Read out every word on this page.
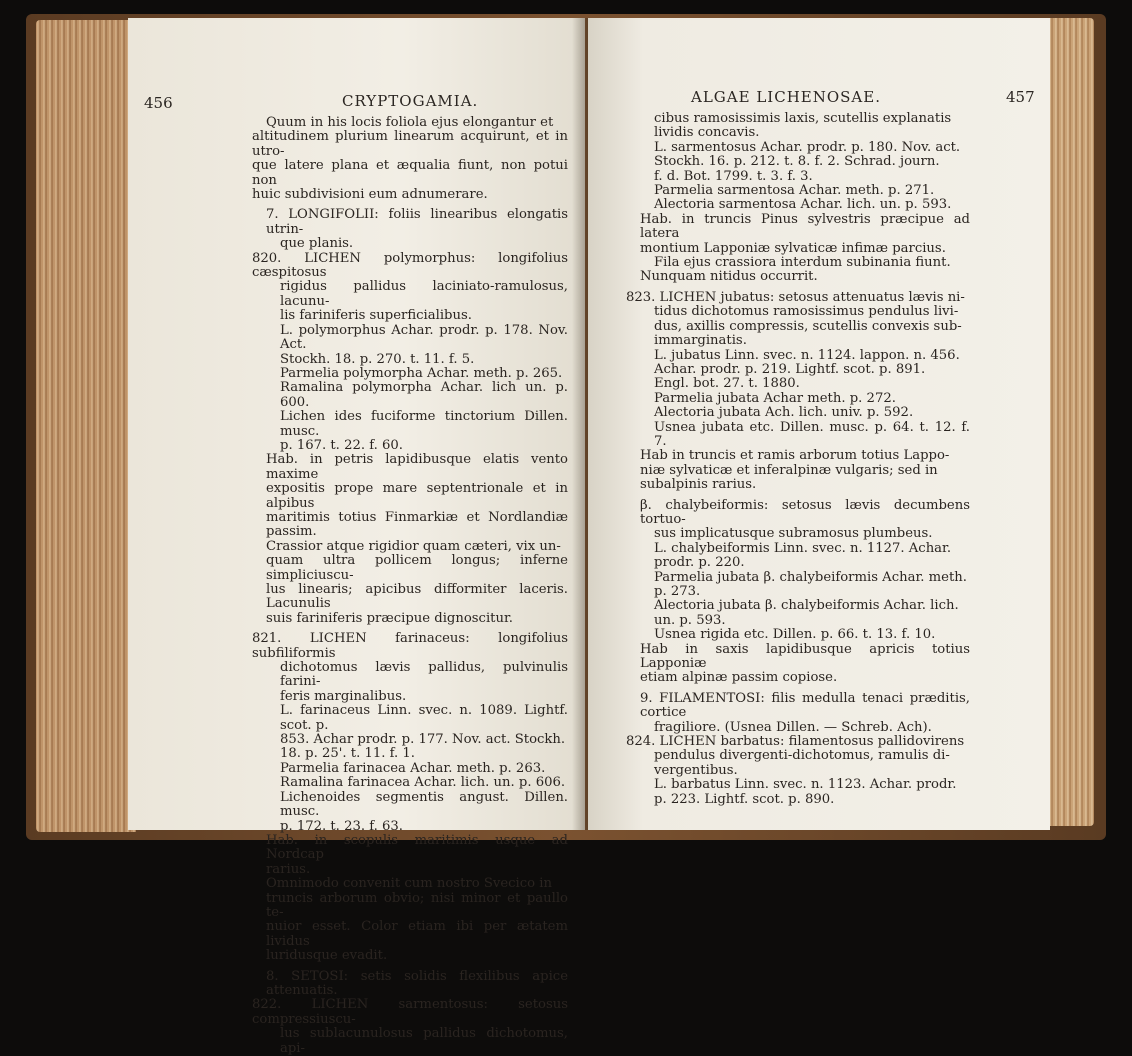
456	CRYPTOGAMIA.

Quum in his locis foliola ejus elongantur et

altitudinem plurium linearum acquirunt, et in utro-

que latere plana et æqualia fiunt, non potui non

huic subdivisioni eum adnumerare.

7. LONGIFOLII: foliis linearibus elongatis utrin-

que planis.

820. LICHEN polymorphus: longifolius cæspitosus

rigidus pallidus laciniato-ramulosus, lacunu-

lis fariniferis superficialibus.

L. polymorphus Achar. prodr. p. 178. Nov. Act.

Stockh. 18. p. 270. t. 11. f. 5.

Parmelia polymorpha Achar. meth. p. 265.

Ramalina polymorpha Achar. lich un. p. 600.

Lichen ides fuciforme tinctorium Dillen. musc.

p. 167. t. 22. f. 60.

Hab. in petris lapidibusque elatis vento maxime

expositis prope mare septentrionale et in alpibus

maritimis totius Finmarkiæ et Nordlandiæ passim.

Crassior atque rigidior quam cæteri, vix un-

quam ultra pollicem longus; inferne simpliciuscu-

lus linearis; apicibus difformiter laceris. Lacunulis

suis fariniferis præcipue dignoscitur.

821. LICHEN farinaceus: longifolius subfiliformis

dichotomus lævis pallidus, pulvinulis farini-

feris marginalibus.

L. farinaceus Linn. svec. n. 1089. Lightf. scot. p.

853. Achar prodr. p. 177. Nov. act. Stockh.

18. p. 25'. t. 11. f. 1.

Parmelia farinacea Achar. meth. p. 263.

Ramalina farinacea Achar. lich. un. p. 606.

Lichenoides segmentis angust. Dillen. musc.

p. 172. t. 23. f. 63.

Hab. in scopulis maritimis usque ad Nordcap

rarius.

Omnimodo convenit cum nostro Svecico in

truncis arborum obvio; nisi minor et paullo te-

nuior esset. Color etiam ibi per ætatem lividus

luridusque evadit.

8. SETOSI: setis solidis flexilibus apice attenuatis.

822. LICHEN sarmentosus: setosus compressiuscu-

lus sublacunulosus pallidus dichotomus, api-

ALGAE LICHENOSAE.	457

cibus ramosissimis laxis, scutellis explanatis

lividis concavis.

L. sarmentosus Achar. prodr. p. 180. Nov. act.

Stockh. 16. p. 212. t. 8. f. 2. Schrad. journ.

f. d. Bot. 1799. t. 3. f. 3.

Parmelia sarmentosa Achar. meth. p. 271.

Alectoria sarmentosa Achar. lich. un. p. 593.

Hab. in truncis Pinus sylvestris præcipue ad latera

montium Lapponiæ sylvaticæ infimæ parcius.

Fila ejus crassiora interdum subinania fiunt.

Nunquam nitidus occurrit.

823. LICHEN jubatus: setosus attenuatus lævis ni-

tidus dichotomus ramosissimus pendulus livi-

dus, axillis compressis, scutellis convexis sub-

immarginatis.

L. jubatus Linn. svec. n. 1124. lappon. n. 456.

Achar. prodr. p. 219. Lightf. scot. p. 891.

Engl. bot. 27. t. 1880.

Parmelia jubata Achar meth. p. 272.

Alectoria jubata Ach. lich. univ. p. 592.

Usnea jubata etc. Dillen. musc. p. 64. t. 12. f. 7.

Hab in truncis et ramis arborum totius Lappo-

niæ sylvaticæ et inferalpinæ vulgaris; sed in

subalpinis rarius.

β. chalybeiformis: setosus lævis decumbens tortuo-

sus implicatusque subramosus plumbeus.

L. chalybeiformis Linn. svec. n. 1127. Achar.

prodr. p. 220.

Parmelia jubata β. chalybeiformis Achar. meth.

p. 273.

Alectoria jubata β. chalybeiformis Achar. lich.

un. p. 593.

Usnea rigida etc. Dillen. p. 66. t. 13. f. 10.

Hab in saxis lapidibusque apricis totius Lapponiæ

etiam alpinæ passim copiose.

9. FILAMENTOSI: filis medulla tenaci præditis, cortice

fragiliore. (Usnea Dillen. — Schreb. Ach).

824. LICHEN barbatus: filamentosus pallidovirens

pendulus divergenti-dichotomus, ramulis di-

vergentibus.

L. barbatus Linn. svec. n. 1123. Achar. prodr.

p. 223. Lightf. scot. p. 890.
